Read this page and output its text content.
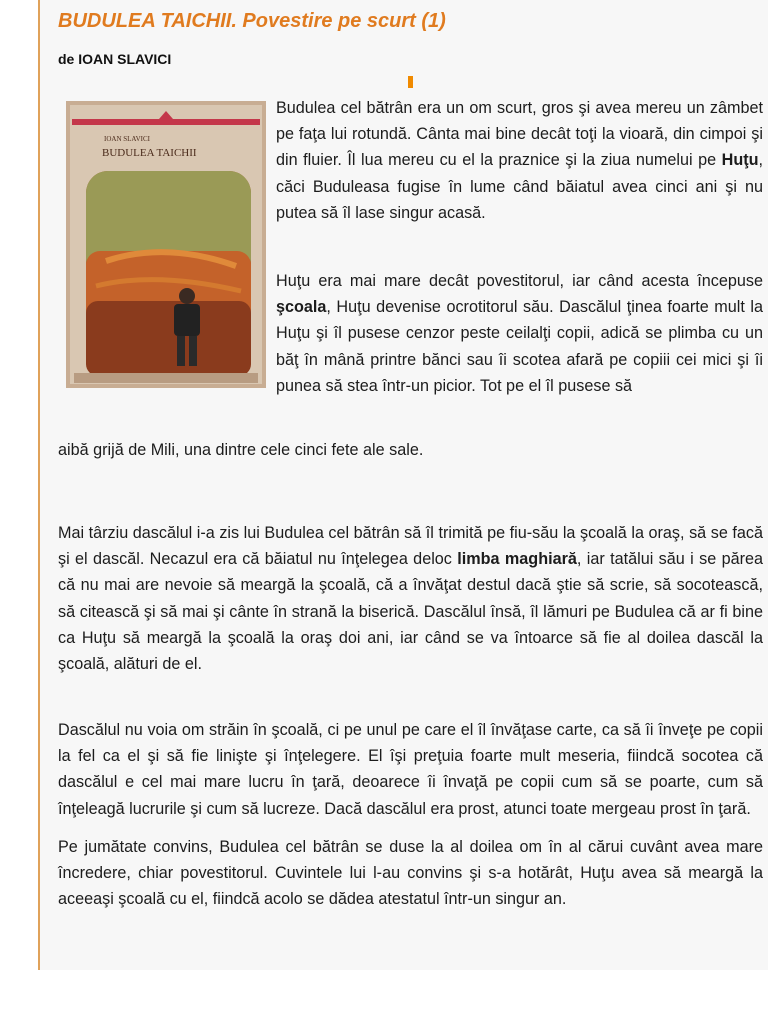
BUDULEA TAICHII. Povestire pe scurt (1)

de IOAN SLAVICI

IOAN SLAVICI
BUDULEA TAICHII

Budulea cel bătrân era un om scurt, gros şi avea mereu un zâmbet pe faţa lui rotundă. Cânta mai bine decât toţi la vioară, din cimpoi şi din fluier. Îl lua mereu cu el la praznice şi la ziua numelui pe Huţu, căci Buduleasa fugise în lume când băiatul avea cinci ani şi nu putea să îl lase singur acasă.

Huţu era mai mare decât povestitorul, iar când acesta începuse şcoala, Huţu devenise ocrotitorul său. Dascălul ţinea foarte mult la Huţu şi îl pusese cenzor peste ceilalţi copii, adică se plimba cu un băţ în mână printre bănci sau îi scotea afară pe copiii cei mici şi îi punea să stea într-un picior. Tot pe el îl pusese să

aibă grijă de Mili, una dintre cele cinci fete ale sale.

Mai târziu dascălul i-a zis lui Budulea cel bătrân să îl trimită pe fiu-său la şcoală la oraş, să se facă şi el dascăl. Necazul era că băiatul nu înţelegea deloc limba maghiară, iar tatălui său i se părea că nu mai are nevoie să meargă la şcoală, că a învăţat destul dacă ştie să scrie, să socotească, să citească şi să mai şi cânte în strană la biserică. Dascălul însă, îl lămuri pe Budulea că ar fi bine ca Huţu să meargă la şcoală la oraş doi ani, iar când se va întoarce să fie al doilea dascăl la şcoală, alături de el.

Dascălul nu voia om străin în şcoală, ci pe unul pe care el îl învăţase carte, ca să îi înveţe pe copii la fel ca el şi să fie linişte şi înţelegere. El îşi preţuia foarte mult meseria, fiindcă socotea că dascălul e cel mai mare lucru în ţară, deoarece îi învaţă pe copii cum să se poarte, cum să înţeleagă lucrurile şi cum să lucreze. Dacă dascălul era prost, atunci toate mergeau prost în ţară.

Pe jumătate convins, Budulea cel bătrân se duse la al doilea om în al cărui cuvânt avea mare încredere, chiar povestitorul. Cuvintele lui l-au convins şi s-a hotărât, Huţu avea să meargă la aceeaşi şcoală cu el, fiindcă acolo se dădea atestatul într-un singur an.
